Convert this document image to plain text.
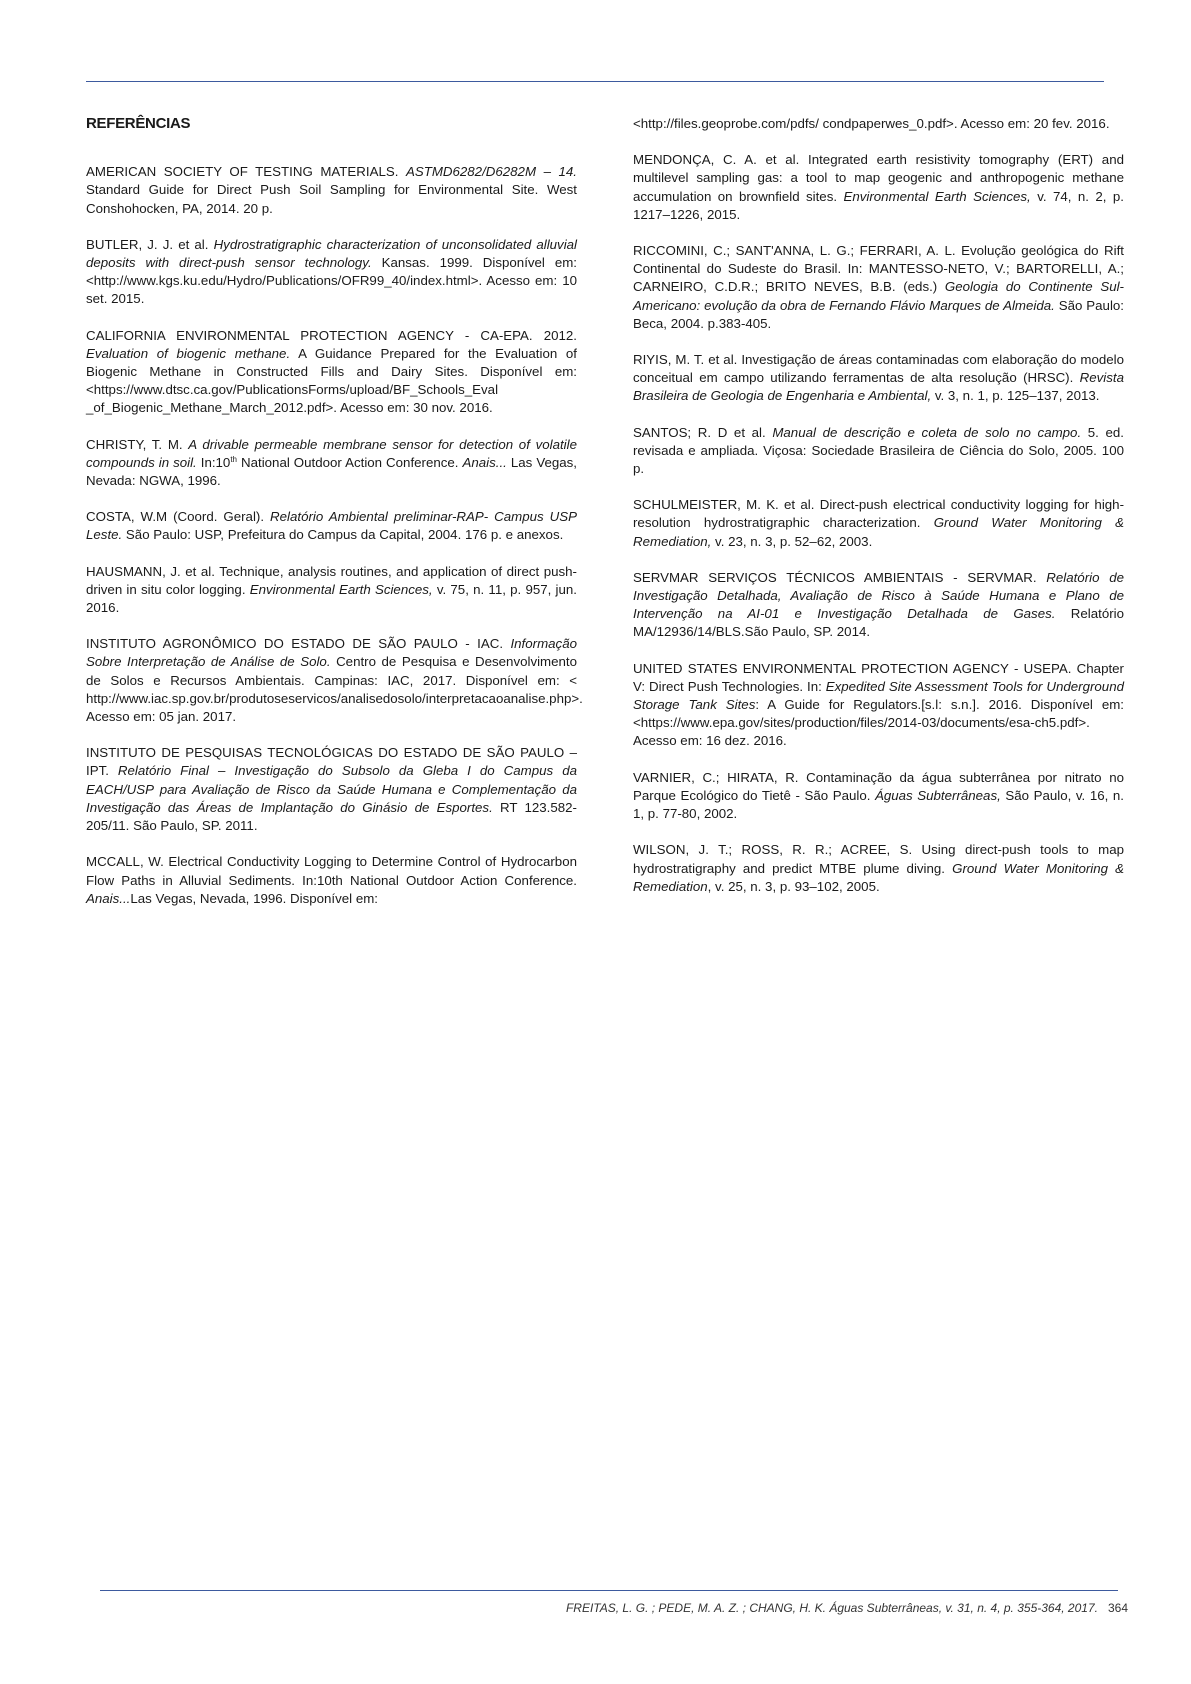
REFERÊNCIAS

AMERICAN SOCIETY OF TESTING MATERIALS. ASTMD6282/D6282M – 14. Standard Guide for Direct Push Soil Sampling for Environmental Site. West Conshohocken, PA, 2014. 20 p.

BUTLER, J. J. et al. Hydrostratigraphic characterization of unconsolidated alluvial deposits with direct-push sensor technology. Kansas. 1999. Disponível em: <http://www.kgs.ku.edu/Hydro/Publications/OFR99_40/index.html>. Acesso em: 10 set. 2015.

CALIFORNIA ENVIRONMENTAL PROTECTION AGENCY - CA-EPA. 2012. Evaluation of biogenic methane. A Guidance Prepared for the Evaluation of Biogenic Methane in Constructed Fills and Dairy Sites. Disponível em: <https://www.dtsc.ca.gov/PublicationsForms/upload/BF_Schools_Eval _of_Biogenic_Methane_March_2012.pdf>. Acesso em: 30 nov. 2016.

CHRISTY, T. M. A drivable permeable membrane sensor for detection of volatile compounds in soil. In:10th National Outdoor Action Conference. Anais... Las Vegas, Nevada: NGWA, 1996.

COSTA, W.M (Coord. Geral). Relatório Ambiental preliminar-RAP- Campus USP Leste. São Paulo: USP, Prefeitura do Campus da Capital, 2004. 176 p. e anexos.

HAUSMANN, J. et al. Technique, analysis routines, and application of direct push-driven in situ color logging. Environmental Earth Sciences, v. 75, n. 11, p. 957, jun. 2016.

INSTITUTO AGRONÔMICO DO ESTADO DE SÃO PAULO - IAC. Informação Sobre Interpretação de Análise de Solo. Centro de Pesquisa e Desenvolvimento de Solos e Recursos Ambientais. Campinas: IAC, 2017. Disponível em: < http://www.iac.sp.gov.br/produtoseservicos/analisedosolo/interpretacaoanalise.php>. Acesso em: 05 jan. 2017.

INSTITUTO DE PESQUISAS TECNOLÓGICAS DO ESTADO DE SÃO PAULO – IPT. Relatório Final – Investigação do Subsolo da Gleba I do Campus da EACH/USP para Avaliação de Risco da Saúde Humana e Complementação da Investigação das Áreas de Implantação do Ginásio de Esportes. RT 123.582-205/11. São Paulo, SP. 2011.

MCCALL, W. Electrical Conductivity Logging to Determine Control of Hydrocarbon Flow Paths in Alluvial Sediments. In:10th National Outdoor Action Conference. Anais...Las Vegas, Nevada, 1996. Disponível em:

<http://files.geoprobe.com/pdfs/ condpaperwes_0.pdf>. Acesso em: 20 fev. 2016.

MENDONÇA, C. A. et al. Integrated earth resistivity tomography (ERT) and multilevel sampling gas: a tool to map geogenic and anthropogenic methane accumulation on brownfield sites. Environmental Earth Sciences, v. 74, n. 2, p. 1217–1226, 2015.

RICCOMINI, C.; SANT'ANNA, L. G.; FERRARI, A. L. Evolução geológica do Rift Continental do Sudeste do Brasil. In: MANTESSO-NETO, V.; BARTORELLI, A.; CARNEIRO, C.D.R.; BRITO NEVES, B.B. (eds.) Geologia do Continente Sul-Americano: evolução da obra de Fernando Flávio Marques de Almeida. São Paulo: Beca, 2004. p.383-405.

RIYIS, M. T. et al. Investigação de áreas contaminadas com elaboração do modelo conceitual em campo utilizando ferramentas de alta resolução (HRSC). Revista Brasileira de Geologia de Engenharia e Ambiental, v. 3, n. 1, p. 125–137, 2013.

SANTOS; R. D et al. Manual de descrição e coleta de solo no campo. 5. ed. revisada e ampliada. Viçosa: Sociedade Brasileira de Ciência do Solo, 2005. 100 p.

SCHULMEISTER, M. K. et al. Direct-push electrical conductivity logging for high-resolution hydrostratigraphic characterization. Ground Water Monitoring & Remediation, v. 23, n. 3, p. 52–62, 2003.

SERVMAR SERVIÇOS TÉCNICOS AMBIENTAIS - SERVMAR. Relatório de Investigação Detalhada, Avaliação de Risco à Saúde Humana e Plano de Intervenção na AI-01 e Investigação Detalhada de Gases. Relatório MA/12936/14/BLS.São Paulo, SP. 2014.

UNITED STATES ENVIRONMENTAL PROTECTION AGENCY - USEPA. Chapter V: Direct Push Technologies. In: Expedited Site Assessment Tools for Underground Storage Tank Sites: A Guide for Regulators.[s.l: s.n.]. 2016. Disponível em: <https://www.epa.gov/sites/production/files/2014-03/documents/esa-ch5.pdf>. Acesso em: 16 dez. 2016.

VARNIER, C.; HIRATA, R. Contaminação da água subterrânea por nitrato no Parque Ecológico do Tietê - São Paulo. Águas Subterrâneas, São Paulo, v. 16, n. 1, p. 77-80, 2002.

WILSON, J. T.; ROSS, R. R.; ACREE, S. Using direct-push tools to map hydrostratigraphy and predict MTBE plume diving. Ground Water Monitoring & Remediation, v. 25, n. 3, p. 93–102, 2005.

FREITAS, L. G. ; PEDE, M. A. Z. ; CHANG, H. K. Águas Subterrâneas, v. 31, n. 4, p. 355-364, 2017. 364
